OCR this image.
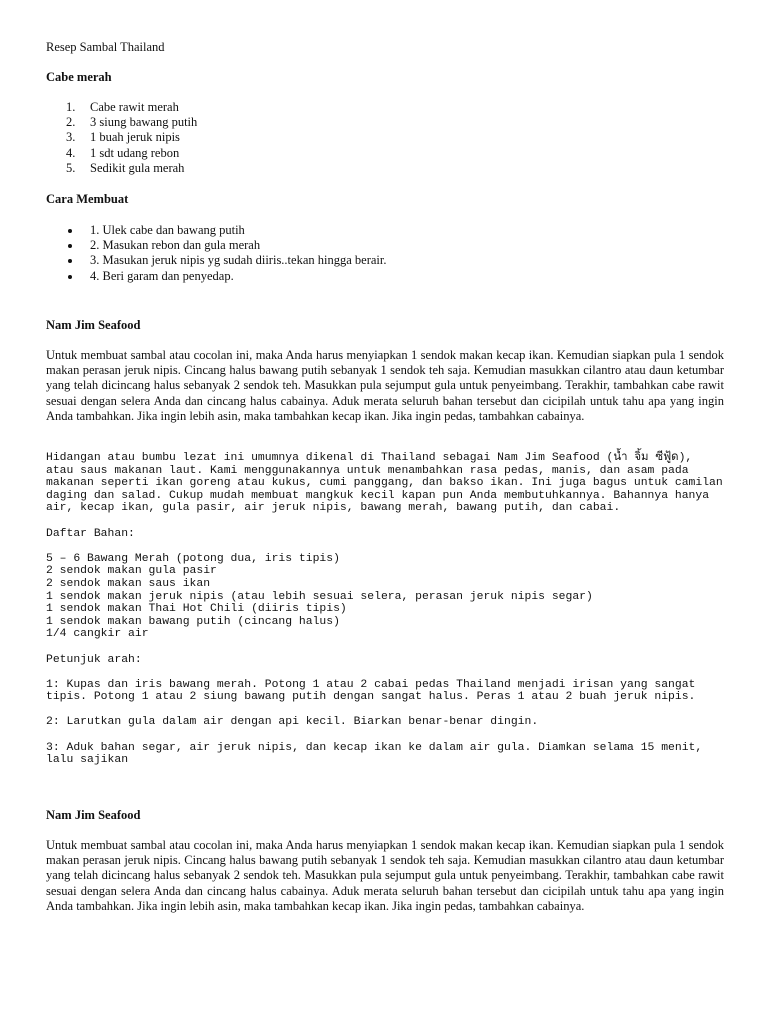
Resep Sambal Thailand

Cabe merah
1. Cabe rawit merah
2. 3 siung bawang putih
3. 1 buah jeruk nipis
4. 1 sdt udang rebon
5. Sedikit gula merah
Cara Membuat
1. Ulek cabe dan bawang putih
2. Masukan rebon dan gula merah
3. Masukan jeruk nipis yg sudah diiris..tekan hingga berair.
4. Beri garam dan penyedap.
Nam Jim Seafood

Untuk membuat sambal atau cocolan ini, maka Anda harus menyiapkan 1 sendok makan kecap ikan. Kemudian siapkan pula 1 sendok makan perasan jeruk nipis. Cincang halus bawang putih sebanyak 1 sendok teh saja. Kemudian masukkan cilantro atau daun ketumbar yang telah dicincang halus sebanyak 2 sendok teh. Masukkan pula sejumput gula untuk penyeimbang. Terakhir, tambahkan cabe rawit sesuai dengan selera Anda dan cincang halus cabainya. Aduk merata seluruh bahan tersebut dan cicipilah untuk tahu apa yang ingin Anda tambahkan. Jika ingin lebih asin, maka tambahkan kecap ikan. Jika ingin pedas, tambahkan cabainya.

Hidangan atau bumbu lezat ini umumnya dikenal di Thailand sebagai Nam Jim Seafood (น้ำ จิ้ม ซีฟู้ด), atau saus makanan laut. Kami menggunakannya untuk menambahkan rasa pedas, manis, dan asam pada makanan seperti ikan goreng atau kukus, cumi panggang, dan bakso ikan. Ini juga bagus untuk camilan daging dan salad. Cukup mudah membuat mangkuk kecil kapan pun Anda membutuhkannya. Bahannya hanya air, kecap ikan, gula pasir, air jeruk nipis, bawang merah, bawang putih, dan cabai.

Daftar Bahan:

5 – 6 Bawang Merah (potong dua, iris tipis)

2 sendok makan gula pasir

2 sendok makan saus ikan

1 sendok makan jeruk nipis (atau lebih sesuai selera, perasan jeruk nipis segar)

1 sendok makan Thai Hot Chili (diiris tipis)

1 sendok makan bawang putih (cincang halus)

1/4 cangkir air

Petunjuk arah:

1: Kupas dan iris bawang merah. Potong 1 atau 2 cabai pedas Thailand menjadi irisan yang sangat tipis. Potong 1 atau 2 siung bawang putih dengan sangat halus. Peras 1 atau 2 buah jeruk nipis.

2: Larutkan gula dalam air dengan api kecil. Biarkan benar-benar dingin.

3: Aduk bahan segar, air jeruk nipis, dan kecap ikan ke dalam air gula. Diamkan selama 15 menit, lalu sajikan

Nam Jim Seafood

Untuk membuat sambal atau cocolan ini, maka Anda harus menyiapkan 1 sendok makan kecap ikan. Kemudian siapkan pula 1 sendok makan perasan jeruk nipis. Cincang halus bawang putih sebanyak 1 sendok teh saja. Kemudian masukkan cilantro atau daun ketumbar yang telah dicincang halus sebanyak 2 sendok teh. Masukkan pula sejumput gula untuk penyeimbang. Terakhir, tambahkan cabe rawit sesuai dengan selera Anda dan cincang halus cabainya. Aduk merata seluruh bahan tersebut dan cicipilah untuk tahu apa yang ingin Anda tambahkan. Jika ingin lebih asin, maka tambahkan kecap ikan. Jika ingin pedas, tambahkan cabainya.
